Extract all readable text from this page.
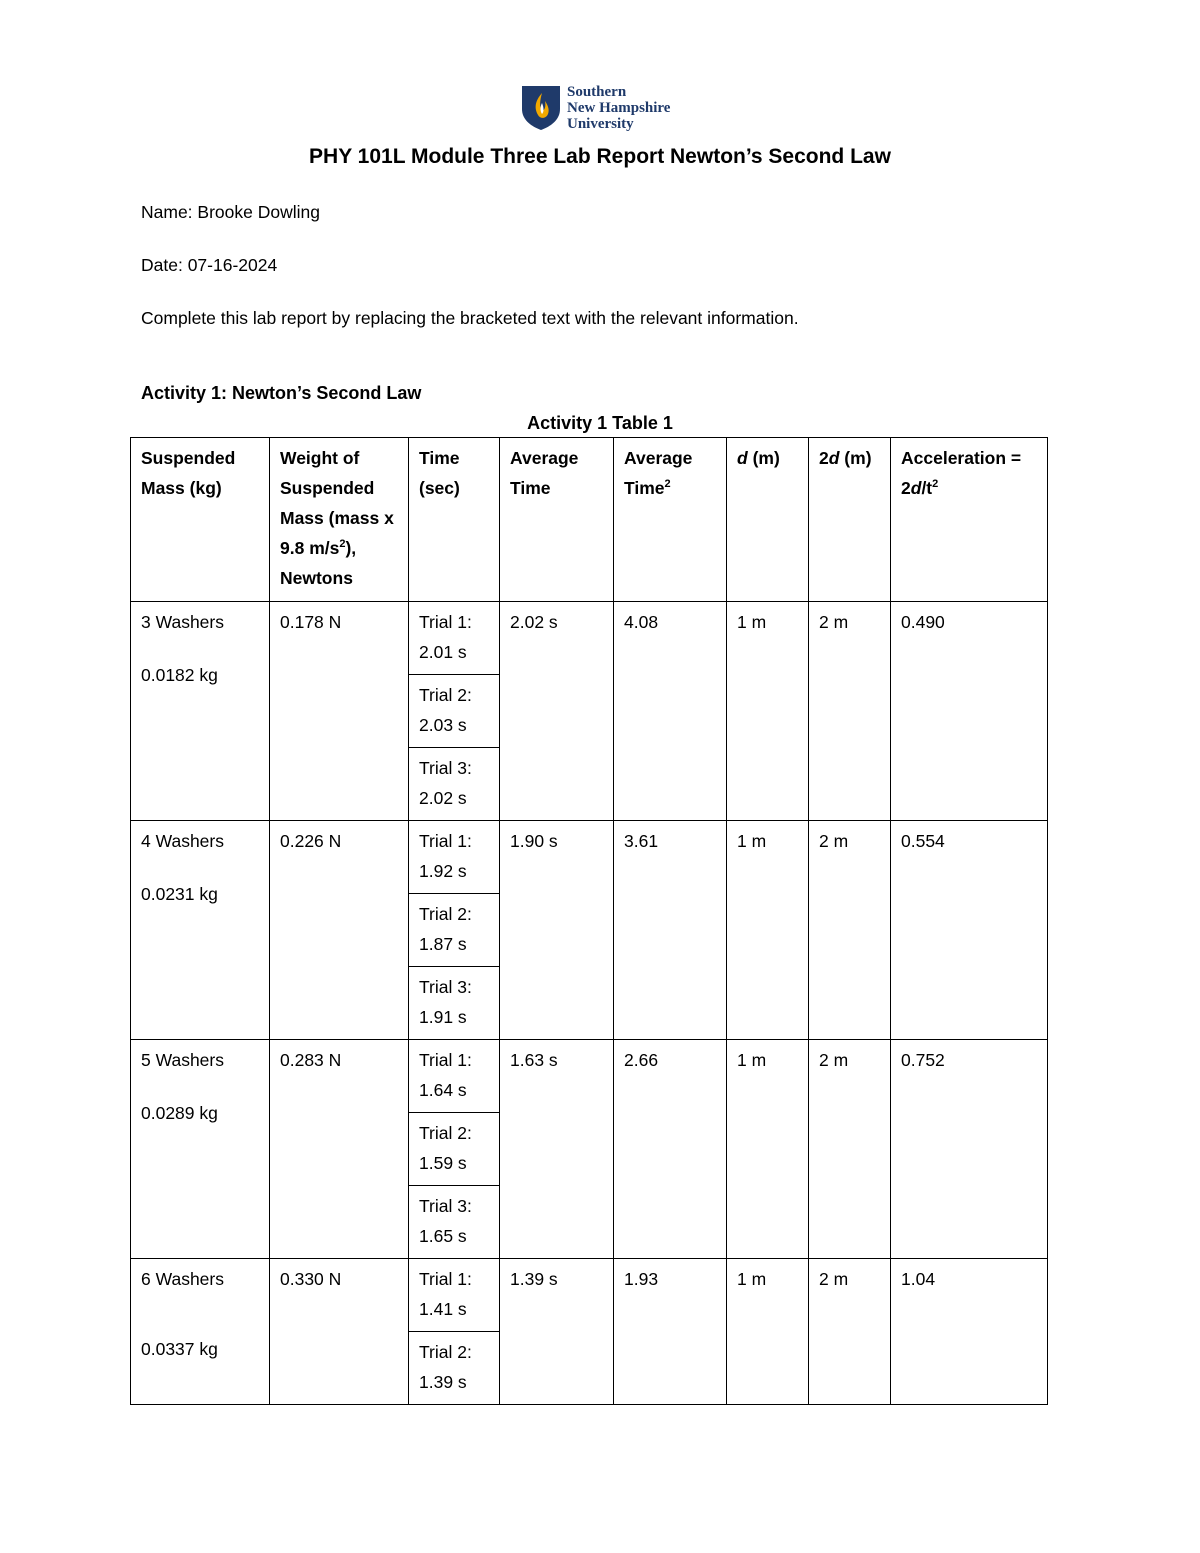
Southern
New Hampshire
University
PHY 101L Module Three Lab Report Newton’s Second Law
Name: Brooke Dowling
Date: 07-16-2024
Complete this lab report by replacing the bracketed text with the relevant information.
Activity 1: Newton’s Second Law
Activity 1 Table 1
Suspended Mass (kg)	Weight of Suspended Mass (mass x 9.8 $m/s^2$), Newtons	Time (sec)	Average Time	Average Time$^2$	d (m)	2d (m)	Acceleration = $2d/t^2$
3 Washers
0.0182 kg	0.178 N	Trial 1: 2.01 s	2.02 s	4.08	1 m	2 m	0.490
		Trial 2: 2.03 s					
		Trial 3: 2.02 s					
4 Washers
0.0231 kg	0.226 N	Trial 1: 1.92 s	1.90 s	3.61	1 m	2 m	0.554
		Trial 2: 1.87 s					
		Trial 3: 1.91 s					
5 Washers
0.0289 kg	0.283 N	Trial 1: 1.64 s	1.63 s	2.66	1 m	2 m	0.752
		Trial 2: 1.59 s					
		Trial 3: 1.65 s					
6 Washers
0.0337 kg	0.330 N	Trial 1: 1.41 s	1.39 s	1.93	1 m	2 m	1.04
		Trial 2: 1.39 s					
